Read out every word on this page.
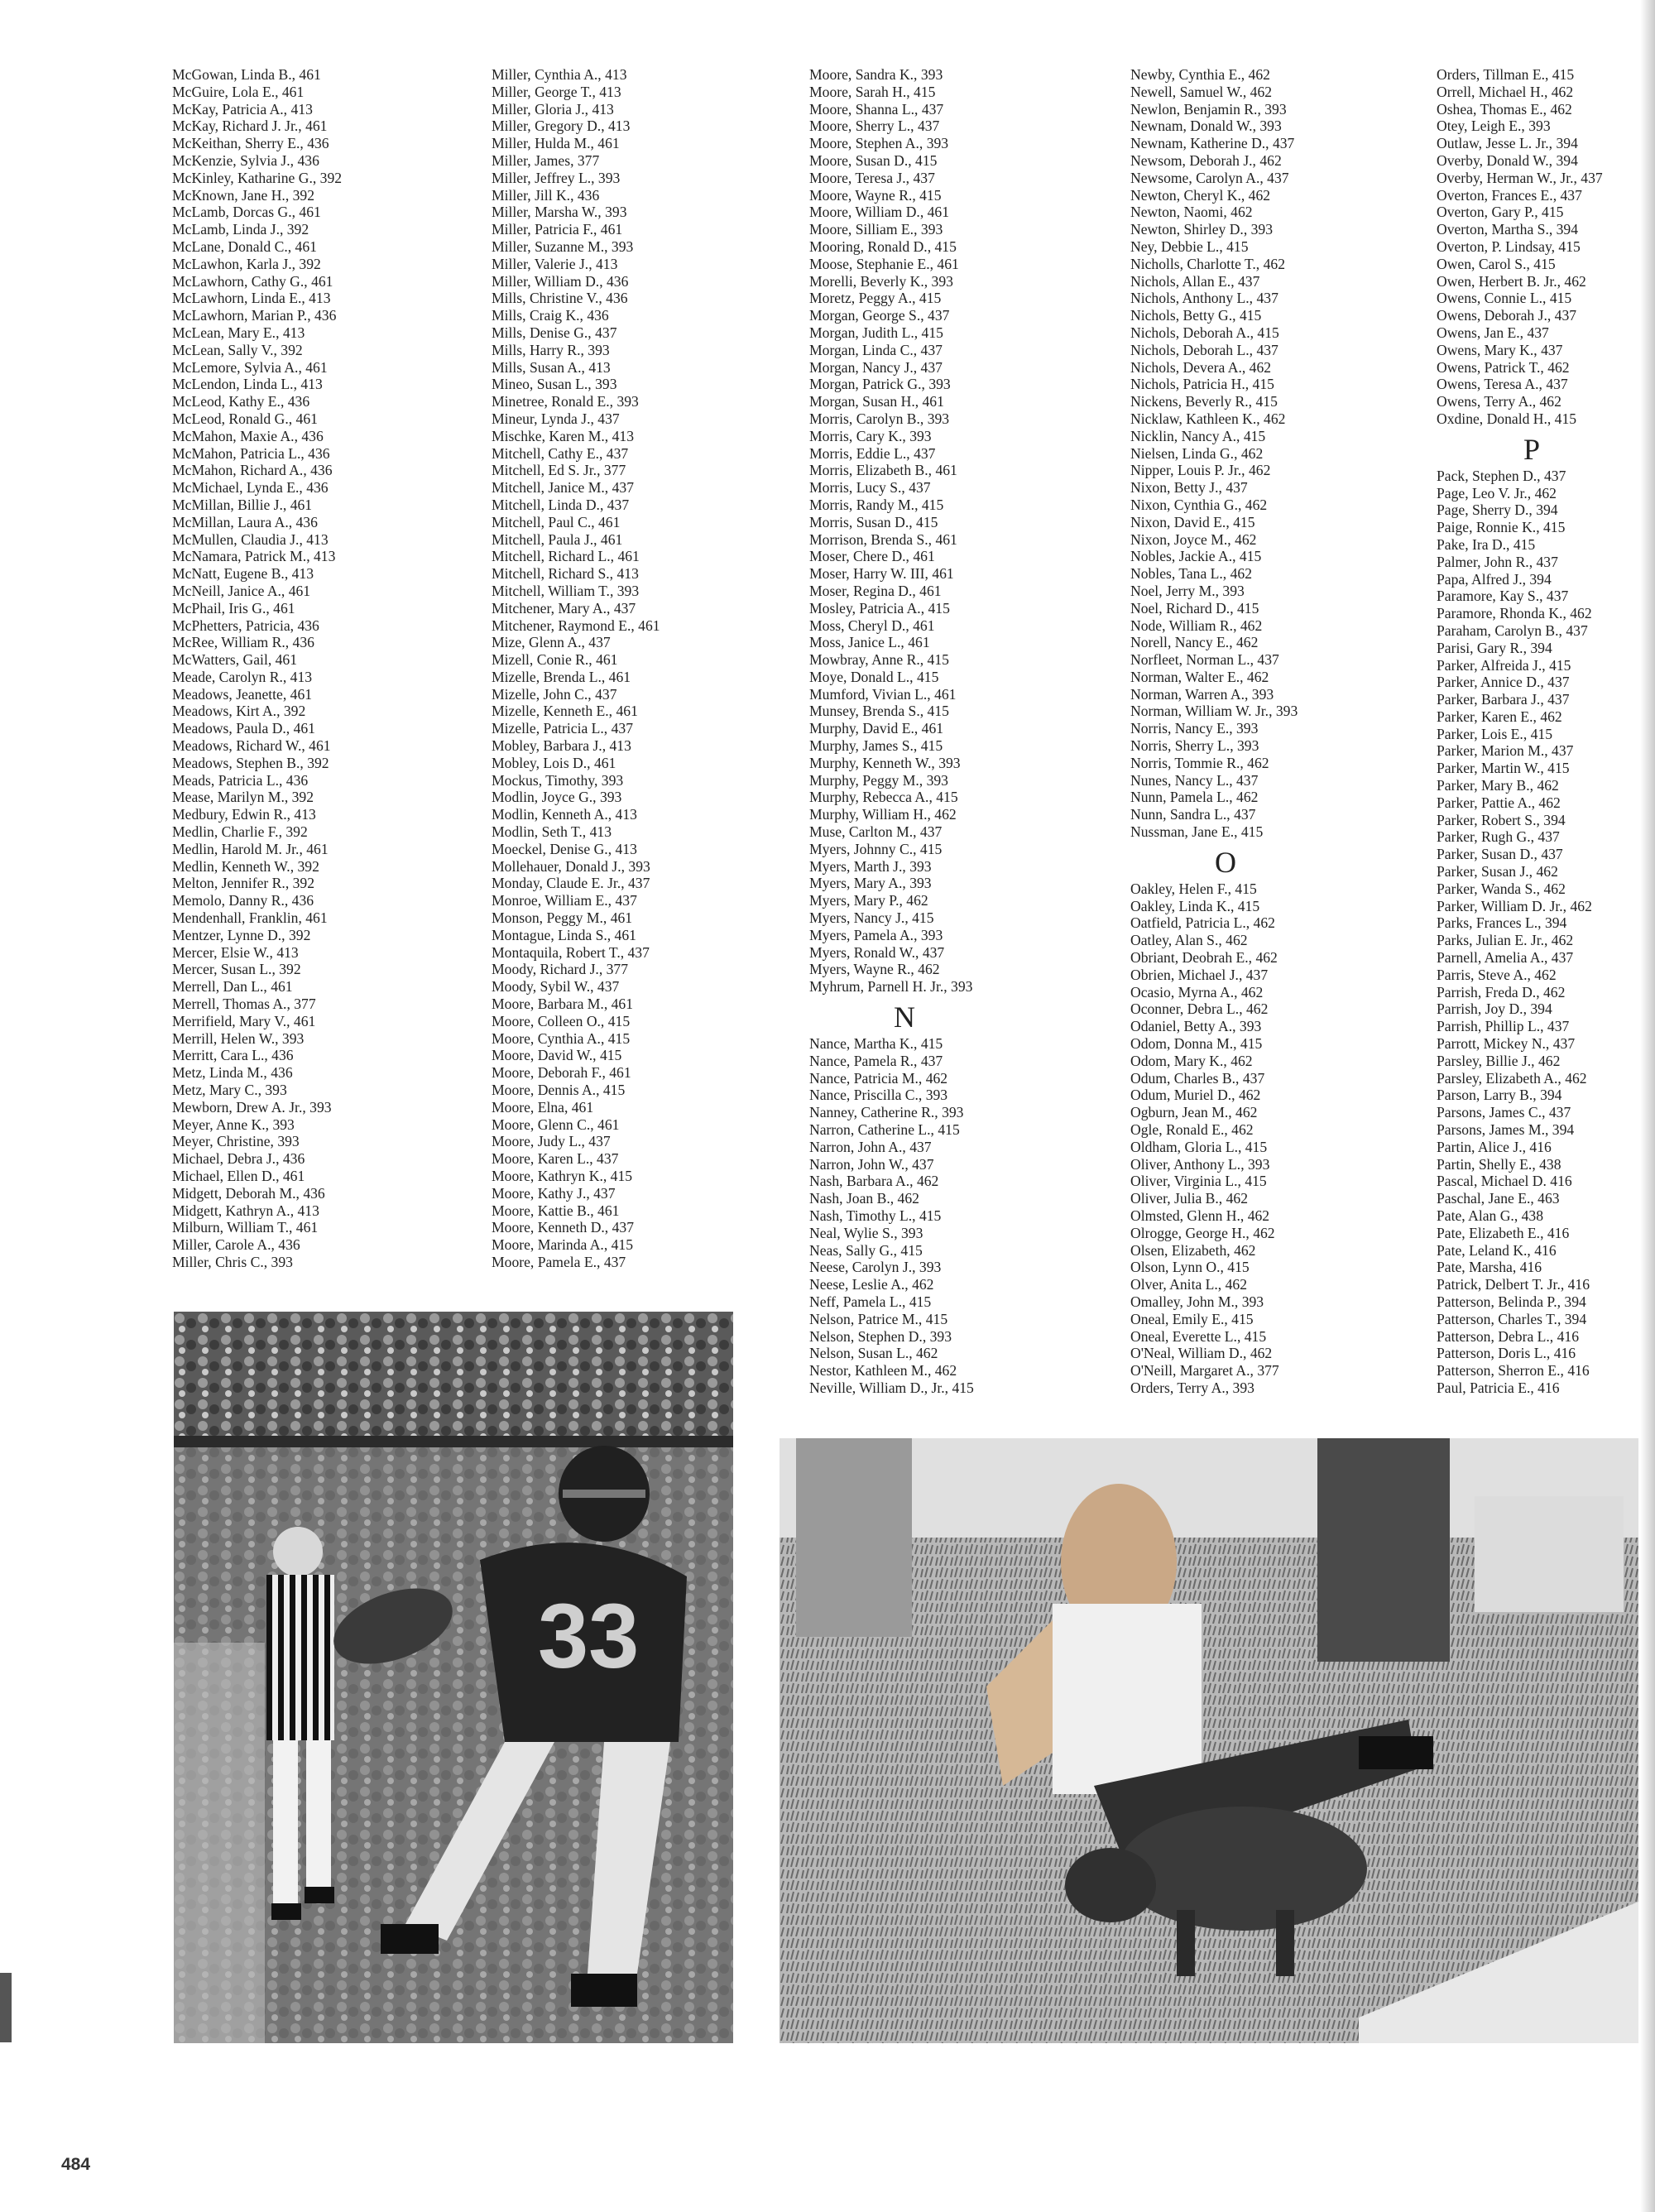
McGowan, Linda B., 461
McGuire, Lola E., 461
McKay, Patricia A., 413
McKay, Richard J. Jr., 461
McKeithan, Sherry E., 436
McKenzie, Sylvia J., 436
McKinley, Katharine G., 392
McKnown, Jane H., 392
McLamb, Dorcas G., 461
McLamb, Linda J., 392
McLane, Donald C., 461
McLawhon, Karla J., 392
McLawhorn, Cathy G., 461
McLawhorn, Linda E., 413
McLawhorn, Marian P., 436
McLean, Mary E., 413
McLean, Sally V., 392
McLemore, Sylvia A., 461
McLendon, Linda L., 413
McLeod, Kathy E., 436
McLeod, Ronald G., 461
McMahon, Maxie A., 436
McMahon, Patricia L., 436
McMahon, Richard A., 436
McMichael, Lynda E., 436
McMillan, Billie J., 461
McMillan, Laura A., 436
McMullen, Claudia J., 413
McNamara, Patrick M., 413
McNatt, Eugene B., 413
McNeill, Janice A., 461
McPhail, Iris G., 461
McPhetters, Patricia, 436
McRee, William R., 436
McWatters, Gail, 461
Meade, Carolyn R., 413
Meadows, Jeanette, 461
Meadows, Kirt A., 392
Meadows, Paula D., 461
Meadows, Richard W., 461
Meadows, Stephen B., 392
Meads, Patricia L., 436
Mease, Marilyn M., 392
Medbury, Edwin R., 413
Medlin, Charlie F., 392
Medlin, Harold M. Jr., 461
Medlin, Kenneth W., 392
Melton, Jennifer R., 392
Memolo, Danny R., 436
Mendenhall, Franklin, 461
Mentzer, Lynne D., 392
Mercer, Elsie W., 413
Mercer, Susan L., 392
Merrell, Dan L., 461
Merrell, Thomas A., 377
Merrifield, Mary V., 461
Merrill, Helen W., 393
Merritt, Cara L., 436
Metz, Linda M., 436
Metz, Mary C., 393
Mewborn, Drew A. Jr., 393
Meyer, Anne K., 393
Meyer, Christine, 393
Michael, Debra J., 436
Michael, Ellen D., 461
Midgett, Deborah M., 436
Midgett, Kathryn A., 413
Milburn, William T., 461
Miller, Carole A., 436
Miller, Chris C., 393
Miller, Cynthia A., 413
Miller, George T., 413
Miller, Gloria J., 413
Miller, Gregory D., 413
Miller, Hulda M., 461
Miller, James, 377
Miller, Jeffrey L., 393
Miller, Jill K., 436
Miller, Marsha W., 393
Miller, Patricia F., 461
Miller, Suzanne M., 393
Miller, Valerie J., 413
Miller, William D., 436
Mills, Christine V., 436
Mills, Craig K., 436
Mills, Denise G., 437
Mills, Harry R., 393
Mills, Susan A., 413
Mineo, Susan L., 393
Minetree, Ronald E., 393
Mineur, Lynda J., 437
Mischke, Karen M., 413
Mitchell, Cathy E., 437
Mitchell, Ed S. Jr., 377
Mitchell, Janice M., 437
Mitchell, Linda D., 437
Mitchell, Paul C., 461
Mitchell, Paula J., 461
Mitchell, Richard L., 461
Mitchell, Richard S., 413
Mitchell, William T., 393
Mitchener, Mary A., 437
Mitchener, Raymond E., 461
Mize, Glenn A., 437
Mizell, Conie R., 461
Mizelle, Brenda L., 461
Mizelle, John C., 437
Mizelle, Kenneth E., 461
Mizelle, Patricia L., 437
Mobley, Barbara J., 413
Mobley, Lois D., 461
Mockus, Timothy, 393
Modlin, Joyce G., 393
Modlin, Kenneth A., 413
Modlin, Seth T., 413
Moeckel, Denise G., 413
Mollehauer, Donald J., 393
Monday, Claude E. Jr., 437
Monroe, William E., 437
Monson, Peggy M., 461
Montague, Linda S., 461
Montaquila, Robert T., 437
Moody, Richard J., 377
Moody, Sybil W., 437
Moore, Barbara M., 461
Moore, Colleen O., 415
Moore, Cynthia A., 415
Moore, David W., 415
Moore, Deborah F., 461
Moore, Dennis A., 415
Moore, Elna, 461
Moore, Glenn C., 461
Moore, Judy L., 437
Moore, Karen L., 437
Moore, Kathryn K., 415
Moore, Kathy J., 437
Moore, Kattie B., 461
Moore, Kenneth D., 437
Moore, Marinda A., 415
Moore, Pamela E., 437
Moore, Sandra K., 393
Moore, Sarah H., 415
Moore, Shanna L., 437
Moore, Sherry L., 437
Moore, Stephen A., 393
Moore, Susan D., 415
Moore, Teresa J., 437
Moore, Wayne R., 415
Moore, William D., 461
Moore, Silliam E., 393
Mooring, Ronald D., 415
Moose, Stephanie E., 461
Morelli, Beverly K., 393
Moretz, Peggy A., 415
Morgan, George S., 437
Morgan, Judith L., 415
Morgan, Linda C., 437
Morgan, Nancy J., 437
Morgan, Patrick G., 393
Morgan, Susan H., 461
Morris, Carolyn B., 393
Morris, Cary K., 393
Morris, Eddie L., 437
Morris, Elizabeth B., 461
Morris, Lucy S., 437
Morris, Randy M., 415
Morris, Susan D., 415
Morrison, Brenda S., 461
Moser, Chere D., 461
Moser, Harry W. III, 461
Moser, Regina D., 461
Mosley, Patricia A., 415
Moss, Cheryl D., 461
Moss, Janice L., 461
Mowbray, Anne R., 415
Moye, Donald L., 415
Mumford, Vivian L., 461
Munsey, Brenda S., 415
Murphy, David E., 461
Murphy, James S., 415
Murphy, Kenneth W., 393
Murphy, Peggy M., 393
Murphy, Rebecca A., 415
Murphy, William H., 462
Muse, Carlton M., 437
Myers, Johnny C., 415
Myers, Marth J., 393
Myers, Mary A., 393
Myers, Mary P., 462
Myers, Nancy J., 415
Myers, Pamela A., 393
Myers, Ronald W., 437
Myers, Wayne R., 462
Myhrum, Parnell H. Jr., 393
N
Nance, Martha K., 415
Nance, Pamela R., 437
Nance, Patricia M., 462
Nance, Priscilla C., 393
Nanney, Catherine R., 393
Narron, Catherine L., 415
Narron, John A., 437
Narron, John W., 437
Nash, Barbara A., 462
Nash, Joan B., 462
Nash, Timothy L., 415
Neal, Wylie S., 393
Neas, Sally G., 415
Neese, Carolyn J., 393
Neese, Leslie A., 462
Neff, Pamela L., 415
Nelson, Patrice M., 415
Nelson, Stephen D., 393
Nelson, Susan L., 462
Nestor, Kathleen M., 462
Neville, William D., Jr., 415
Newby, Cynthia E., 462
Newell, Samuel W., 462
Newlon, Benjamin R., 393
Newnam, Donald W., 393
Newnam, Katherine D., 437
Newsom, Deborah J., 462
Newsome, Carolyn A., 437
Newton, Cheryl K., 462
Newton, Naomi, 462
Newton, Shirley D., 393
Ney, Debbie L., 415
Nicholls, Charlotte T., 462
Nichols, Allan E., 437
Nichols, Anthony L., 437
Nichols, Betty G., 415
Nichols, Deborah A., 415
Nichols, Deborah L., 437
Nichols, Devera A., 462
Nichols, Patricia H., 415
Nickens, Beverly R., 415
Nicklaw, Kathleen K., 462
Nicklin, Nancy A., 415
Nielsen, Linda G., 462
Nipper, Louis P. Jr., 462
Nixon, Betty J., 437
Nixon, Cynthia G., 462
Nixon, David E., 415
Nixon, Joyce M., 462
Nobles, Jackie A., 415
Nobles, Tana L., 462
Noel, Jerry M., 393
Noel, Richard D., 415
Node, William R., 462
Norell, Nancy E., 462
Norfleet, Norman L., 437
Norman, Walter E., 462
Norman, Warren A., 393
Norman, William W. Jr., 393
Norris, Nancy E., 393
Norris, Sherry L., 393
Norris, Tommie R., 462
Nunes, Nancy L., 437
Nunn, Pamela L., 462
Nunn, Sandra L., 437
Nussman, Jane E., 415
O
Oakley, Helen F., 415
Oakley, Linda K., 415
Oatfield, Patricia L., 462
Oatley, Alan S., 462
Obriant, Deobrah E., 462
Obrien, Michael J., 437
Ocasio, Myrna A., 462
Oconner, Debra L., 462
Odaniel, Betty A., 393
Odom, Donna M., 415
Odom, Mary K., 462
Odum, Charles B., 437
Odum, Muriel D., 462
Ogburn, Jean M., 462
Ogle, Ronald E., 462
Oldham, Gloria L., 415
Oliver, Anthony L., 393
Oliver, Virginia L., 415
Oliver, Julia B., 462
Olmsted, Glenn H., 462
Olrogge, George H., 462
Olsen, Elizabeth, 462
Olson, Lynn O., 415
Olver, Anita L., 462
Omalley, John M., 393
Oneal, Emily E., 415
Oneal, Everette L., 415
O'Neal, William D., 462
O'Neill, Margaret A., 377
Orders, Terry A., 393
Orders, Tillman E., 415
Orrell, Michael H., 462
Oshea, Thomas E., 462
Otey, Leigh E., 393
Outlaw, Jesse L. Jr., 394
Overby, Donald W., 394
Overby, Herman W., Jr., 437
Overton, Frances E., 437
Overton, Gary P., 415
Overton, Martha S., 394
Overton, P. Lindsay, 415
Owen, Carol S., 415
Owen, Herbert B. Jr., 462
Owens, Connie L., 415
Owens, Deborah J., 437
Owens, Jan E., 437
Owens, Mary K., 437
Owens, Patrick T., 462
Owens, Teresa A., 437
Owens, Terry A., 462
Oxdine, Donald H., 415
P
Pack, Stephen D., 437
Page, Leo V. Jr., 462
Page, Sherry D., 394
Paige, Ronnie K., 415
Pake, Ira D., 415
Palmer, John R., 437
Papa, Alfred J., 394
Paramore, Kay S., 437
Paramore, Rhonda K., 462
Paraham, Carolyn B., 437
Parisi, Gary R., 394
Parker, Alfreida J., 415
Parker, Annice D., 437
Parker, Barbara J., 437
Parker, Karen E., 462
Parker, Lois E., 415
Parker, Marion M., 437
Parker, Martin W., 415
Parker, Mary B., 462
Parker, Pattie A., 462
Parker, Robert S., 394
Parker, Rugh G., 437
Parker, Susan D., 437
Parker, Susan J., 462
Parker, Wanda S., 462
Parker, William D. Jr., 462
Parks, Frances L., 394
Parks, Julian E. Jr., 462
Parnell, Amelia A., 437
Parris, Steve A., 462
Parrish, Freda D., 462
Parrish, Joy D., 394
Parrish, Phillip L., 437
Parrott, Mickey N., 437
Parsley, Billie J., 462
Parsley, Elizabeth A., 462
Parson, Larry B., 394
Parsons, James C., 437
Parsons, James M., 394
Partin, Alice J., 416
Partin, Shelly E., 438
Pascal, Michael D. 416
Paschal, Jane E., 463
Pate, Alan G., 438
Pate, Elizabeth E., 416
Pate, Leland K., 416
Pate, Marsha, 416
Patrick, Delbert T. Jr., 416
Patterson, Belinda P., 394
Patterson, Charles T., 394
Patterson, Debra L., 416
Patterson, Doris L., 416
Patterson, Sherron E., 416
Paul, Patricia E., 416
33
484
